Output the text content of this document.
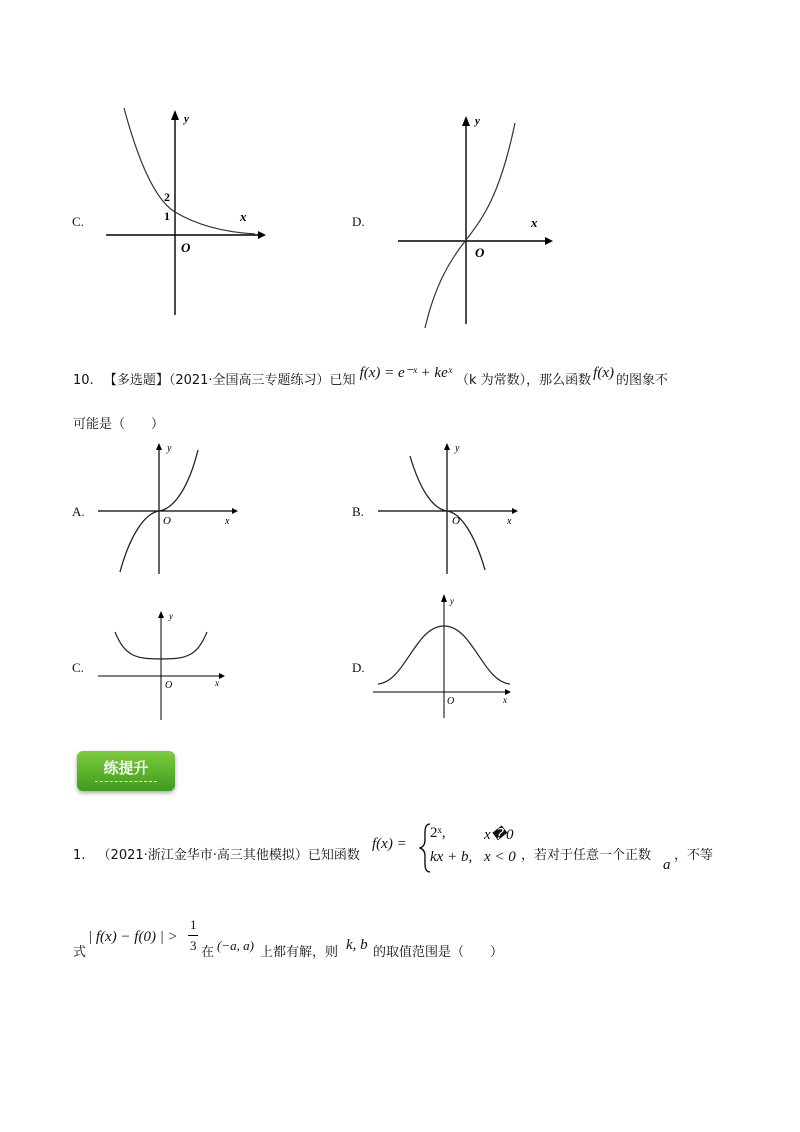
C.
2
1
y
x
O
D.
y
x
O
10. 【多选题】（2021·全国高三专题练习）已知 f(x) = e⁻ˣ + keˣ （k 为常数），那么函数 f(x) 的图象不
可能是（　　）
A.
y
x
O
B.
y
x
O
C.
y
x
O
D.
y
x
O
练提升
1. （2021·浙江金华市·高三其他模拟）已知函数
f(x) =
2ˣ,	x�0
kx + b, x < 0 ，若对于任意一个正数
a
，不等
式
| f(x) − f(0) | >
1
3 在 (−a, a) 上都有解，则 k, b 的取值范围是（　　）
